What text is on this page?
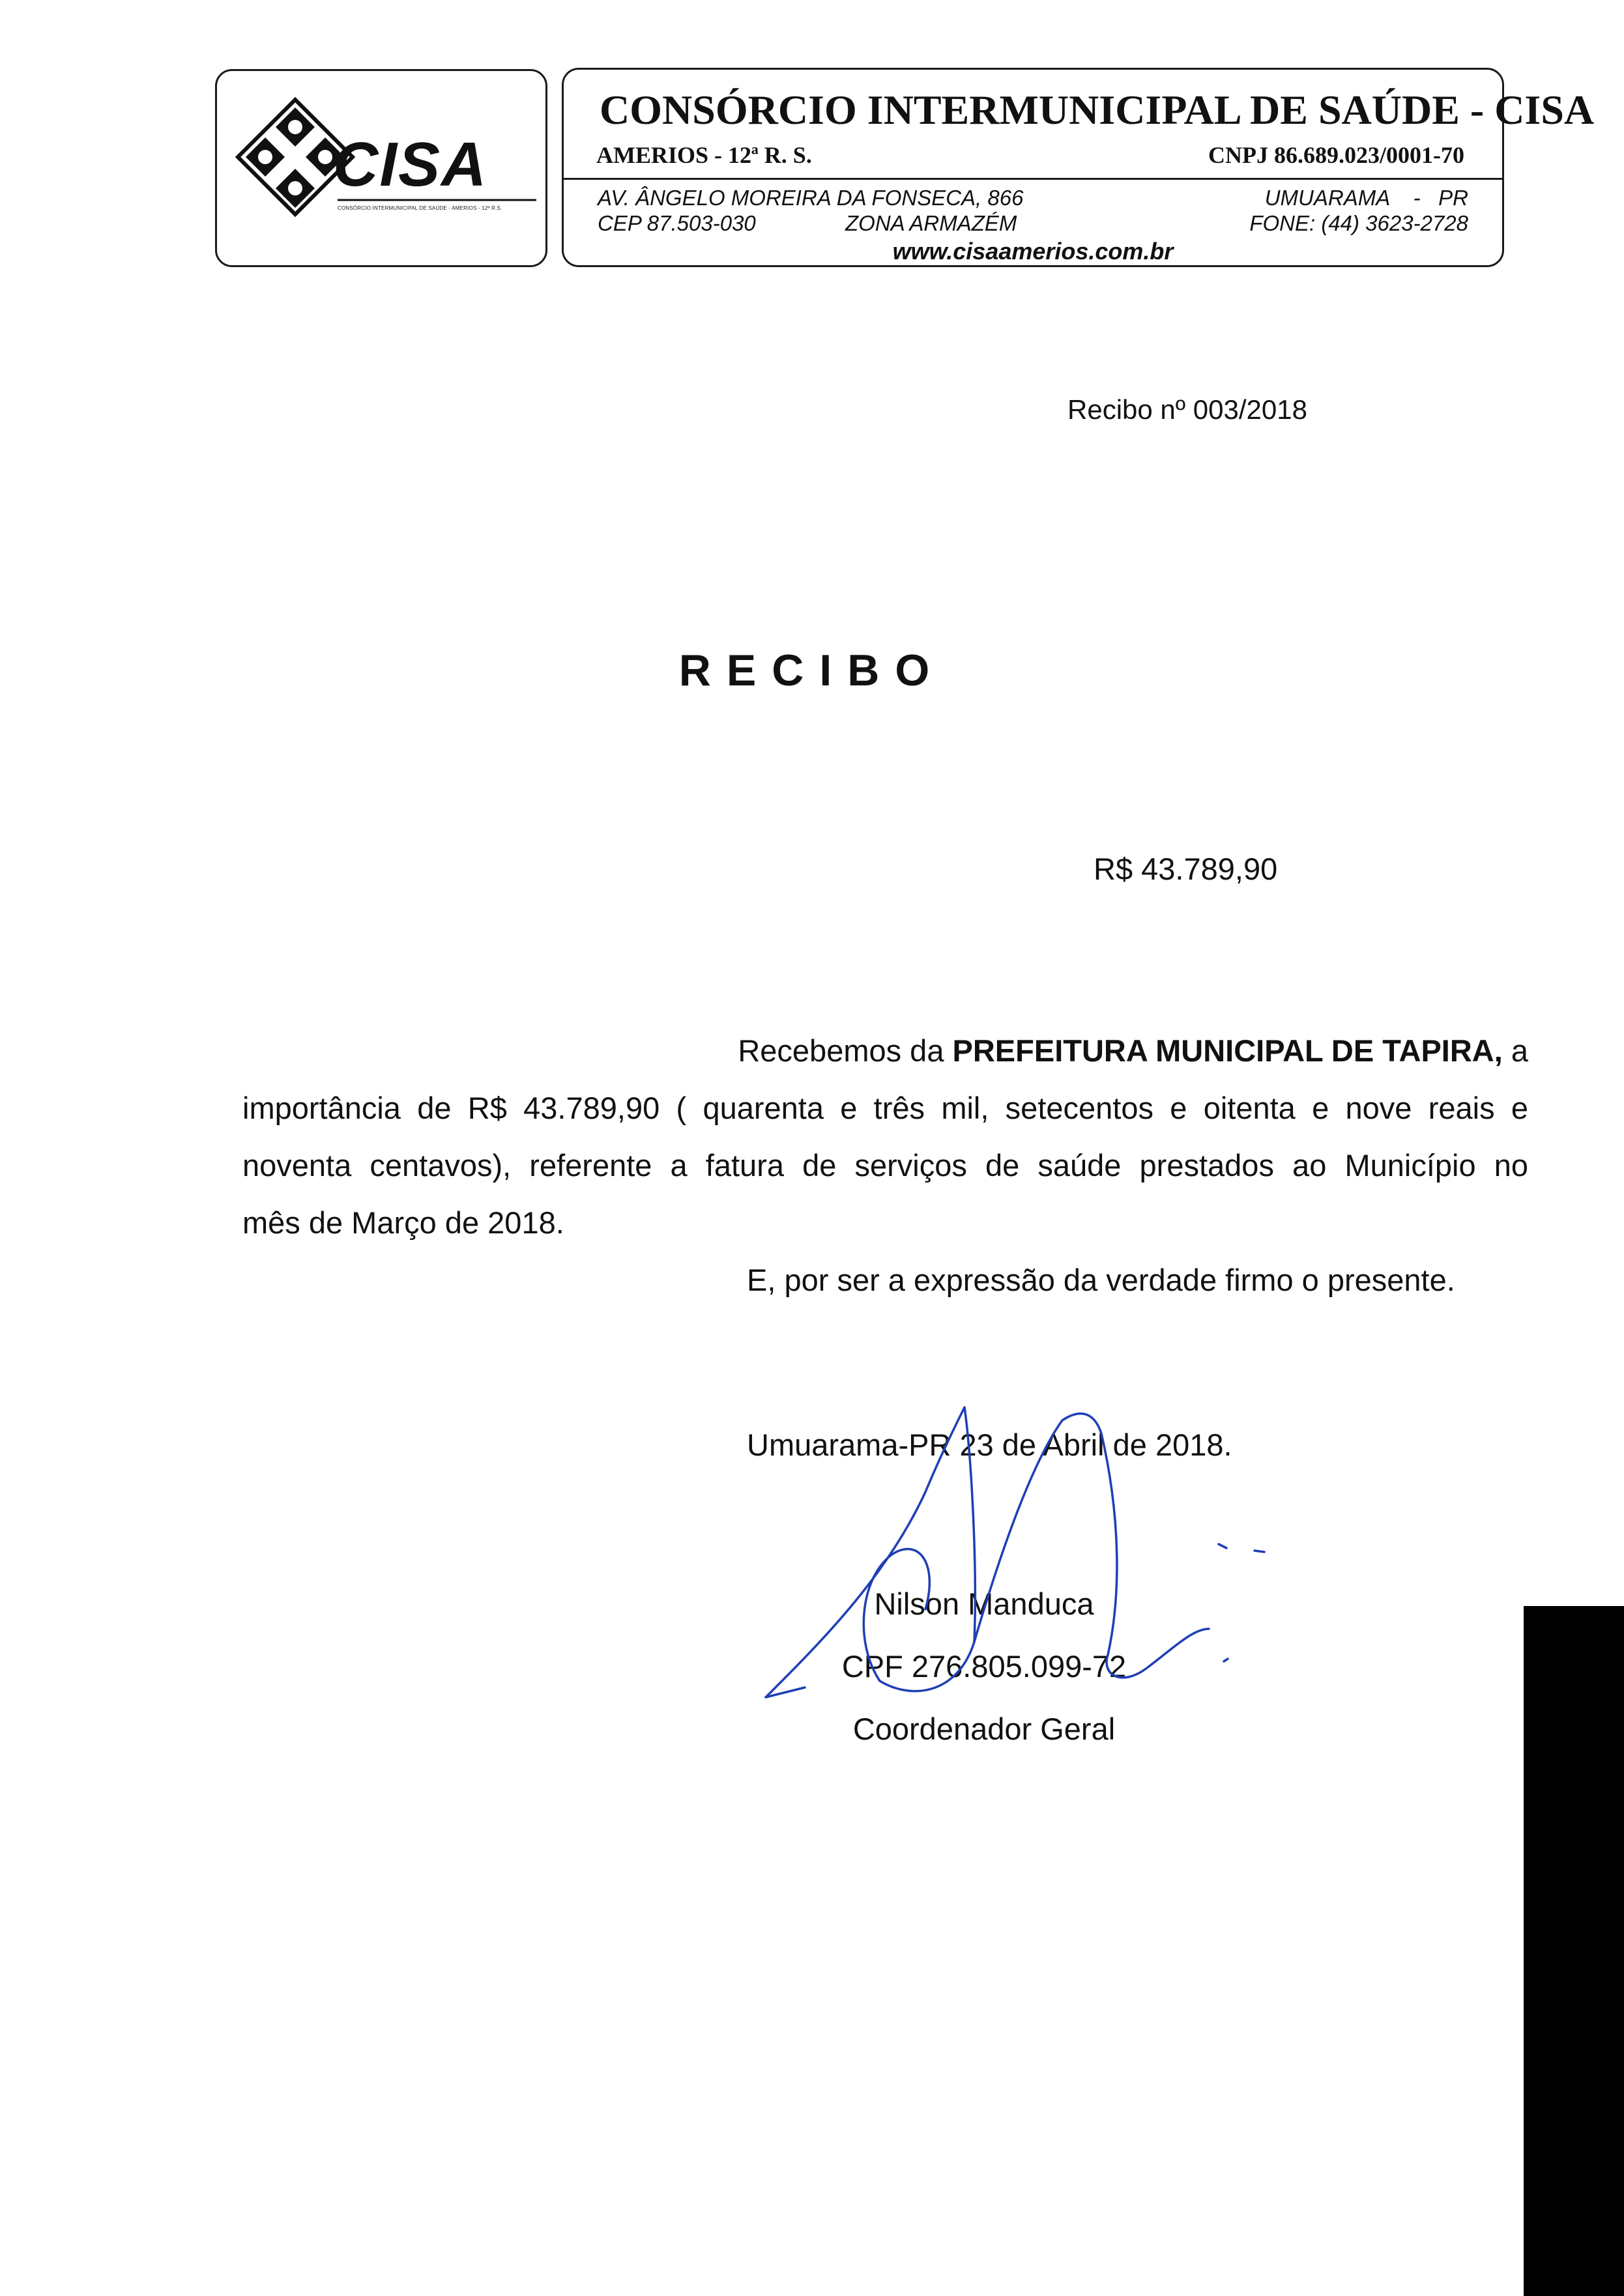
CISA
CONSÓRCIO INTERMUNICIPAL DE SAÚDE - AMERIOS - 12ª R.S.
CONSÓRCIO INTERMUNICIPAL DE SAÚDE - CISA
AMERIOS - 12ª R. S.	CNPJ 86.689.023/0001-70
AV. ÂNGELO MOREIRA DA FONSECA, 866
CEP 87.503-030	ZONA ARMAZÉM
UMUARAMA    -   PR
FONE: (44) 3623-2728
www.cisaamerios.com.br
Recibo nº 003/2018
RECIBO
R$ 43.789,90
Recebemos da PREFEITURA MUNICIPAL DE TAPIRA, a
importância de R$ 43.789,90 ( quarenta e três mil, setecentos e oitenta e nove reais e
noventa centavos), referente a fatura de serviços de saúde prestados ao Município no
mês de Março de 2018.
E, por ser a expressão da verdade firmo o presente.
Umuarama-PR 23 de Abril de 2018.
Nilson Manduca
CPF 276.805.099-72
Coordenador Geral
